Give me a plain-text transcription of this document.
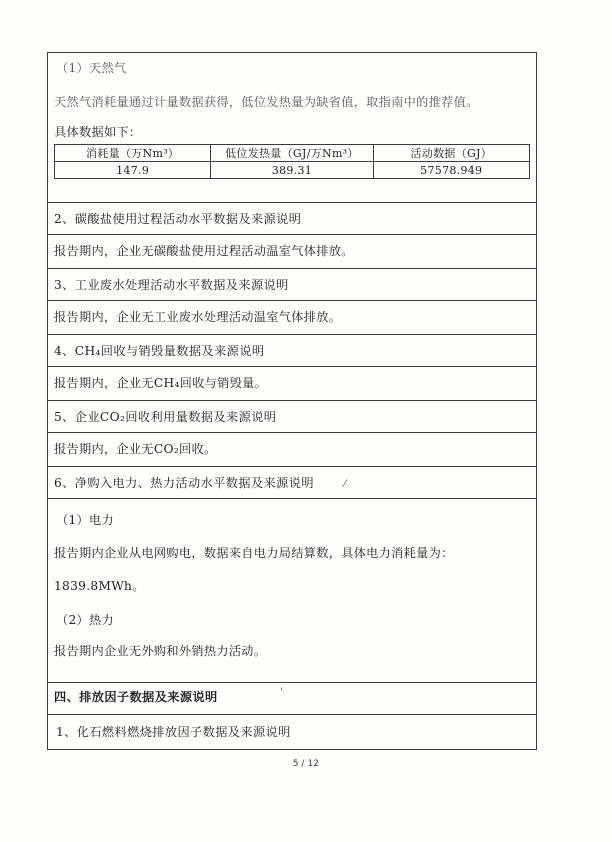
（1）天然气
天然气消耗量通过计量数据获得，低位发热量为缺省值，取指南中的推荐值。
具体数据如下：
消耗量（万Nm³）	低位发热量（GJ/万Nm³）	活动数据（GJ）
147.9	389.31	57578.949
2、碳酸盐使用过程活动水平数据及来源说明
报告期内，企业无碳酸盐使用过程活动温室气体排放。
3、工业废水处理活动水平数据及来源说明
报告期内，企业无工业废水处理活动温室气体排放。
4、CH₄回收与销毁量数据及来源说明
报告期内，企业无CH₄回收与销毁量。
5、企业CO₂回收利用量数据及来源说明
报告期内，企业无CO₂回收。
6、净购入电力、热力活动水平数据及来源说明	⁄
（1）电力
报告期内企业从电网购电，数据来自电力局结算数，具体电力消耗量为：
1839.8MWh。
（2）热力
报告期内企业无外购和外销热力活动。
四、排放因子数据及来源说明	'
1、化石燃料燃烧排放因子数据及来源说明
5 / 12
